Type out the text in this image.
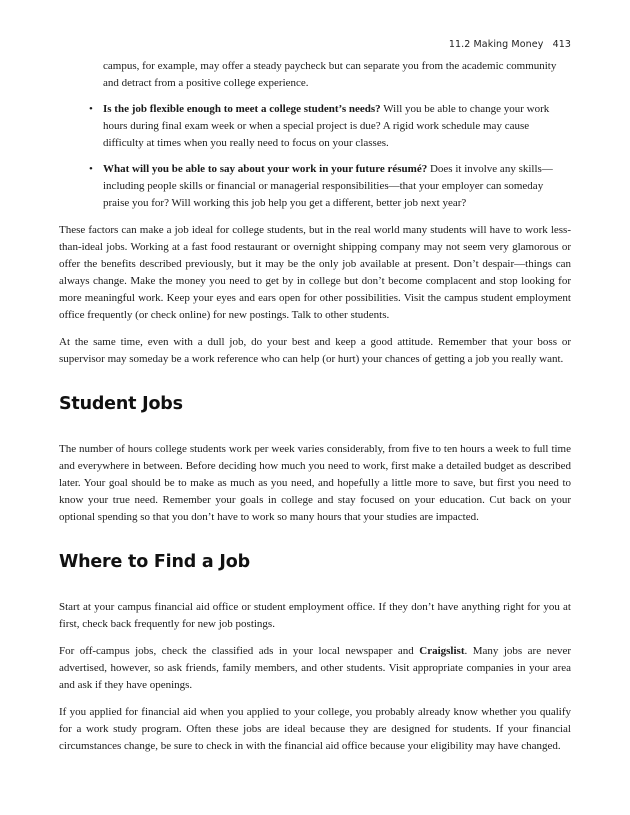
11.2 Making Money 413

campus, for example, may offer a steady paycheck but can separate you from the academic community and detract from a positive college experience.

• Is the job flexible enough to meet a college student’s needs? Will you be able to change your work hours during final exam week or when a special project is due? A rigid work schedule may cause difficulty at times when you really need to focus on your classes.
• What will you be able to say about your work in your future résumé? Does it involve any skills—including people skills or financial or managerial responsibilities—that your employer can someday praise you for? Will working this job help you get a different, better job next year?

These factors can make a job ideal for college students, but in the real world many students will have to work less-than-ideal jobs. Working at a fast food restaurant or overnight shipping company may not seem very glamorous or offer the benefits described previously, but it may be the only job available at present. Don’t despair—things can always change. Make the money you need to get by in college but don’t become complacent and stop looking for more meaningful work. Keep your eyes and ears open for other possibilities. Visit the campus student employment office frequently (or check online) for new postings. Talk to other students.

At the same time, even with a dull job, do your best and keep a good attitude. Remember that your boss or supervisor may someday be a work reference who can help (or hurt) your chances of getting a job you really want.

Student Jobs

The number of hours college students work per week varies considerably, from five to ten hours a week to full time and everywhere in between. Before deciding how much you need to work, first make a detailed budget as described later. Your goal should be to make as much as you need, and hopefully a little more to save, but first you need to know your true need. Remember your goals in college and stay focused on your education. Cut back on your optional spending so that you don’t have to work so many hours that your studies are impacted.

Where to Find a Job

Start at your campus financial aid office or student employment office. If they don’t have anything right for you at first, check back frequently for new job postings.

For off-campus jobs, check the classified ads in your local newspaper and Craigslist. Many jobs are never advertised, however, so ask friends, family members, and other students. Visit appropriate companies in your area and ask if they have openings.

If you applied for financial aid when you applied to your college, you probably already know whether you qualify for a work study program. Often these jobs are ideal because they are designed for students. If your financial circumstances change, be sure to check in with the financial aid office because your eligibility may have changed.
